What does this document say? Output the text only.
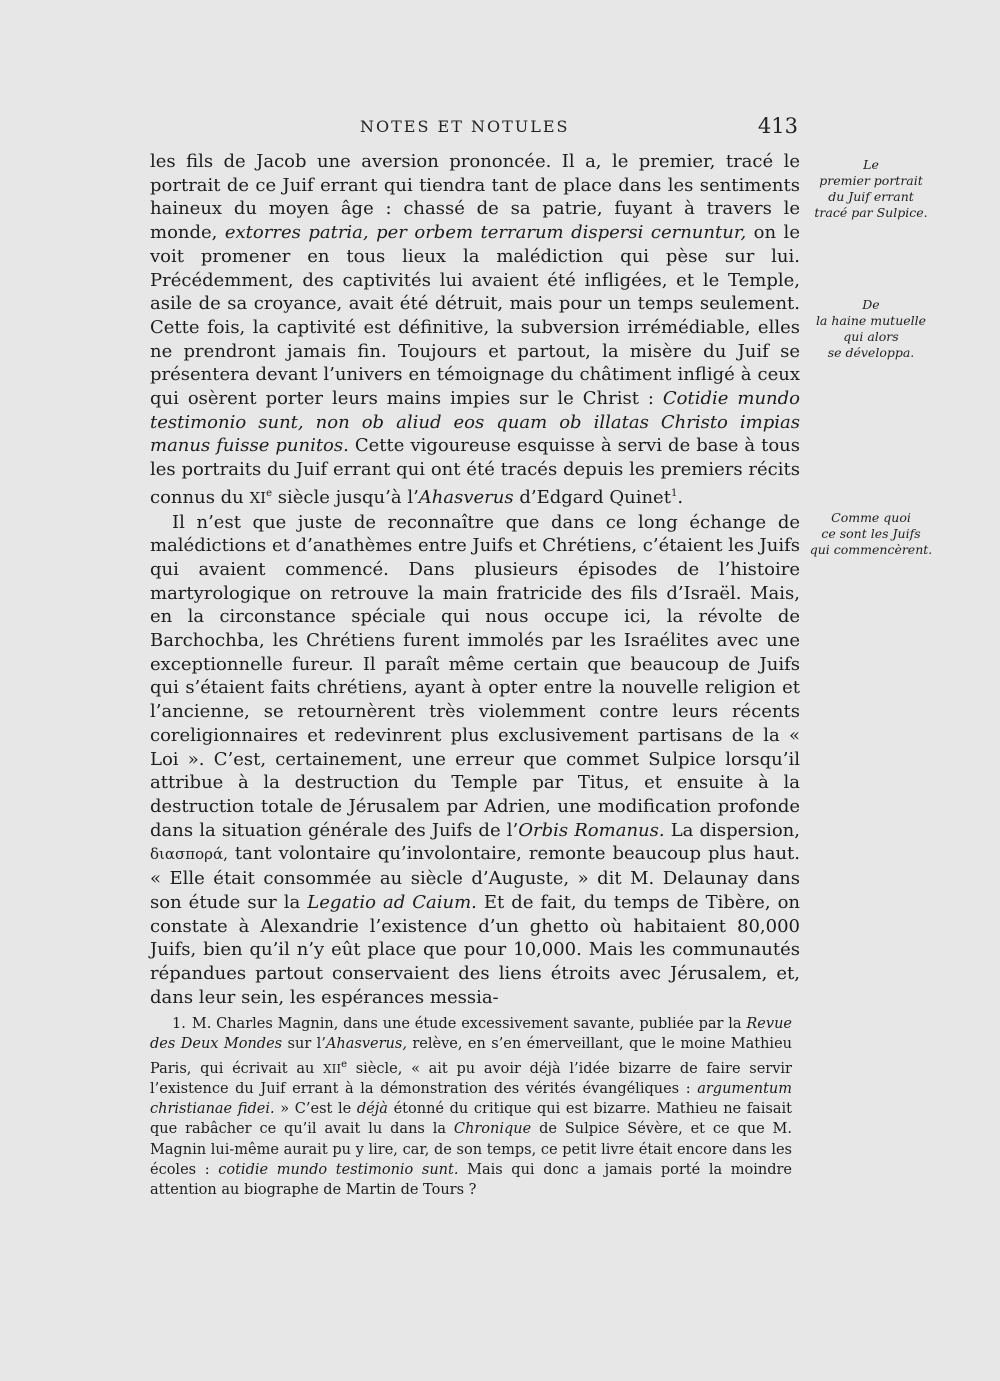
NOTES ET NOTULES	413

les fils de Jacob une aversion prononcée. Il a, le premier, tracé le portrait de ce Juif errant qui tiendra tant de place dans les sentiments haineux du moyen âge : chassé de sa patrie, fuyant à travers le monde, extorres patria, per orbem terrarum dispersi cernuntur, on le voit promener en tous lieux la malédiction qui pèse sur lui. Précédemment, des captivités lui avaient été infligées, et le Temple, asile de sa croyance, avait été détruit, mais pour un temps seulement. Cette fois, la captivité est définitive, la subversion irrémédiable, elles ne prendront jamais fin. Toujours et partout, la misère du Juif se présentera devant l’univers en témoignage du châtiment infligé à ceux qui osèrent porter leurs mains impies sur le Christ : Cotidie mundo testimonio sunt, non ob aliud eos quam ob illatas Christo impias manus fuisse punitos. Cette vigoureuse esquisse à servi de base à tous les portraits du Juif errant qui ont été tracés depuis les premiers récits connus du XIe siècle jusqu’à l’Ahasverus d’Edgard Quinet$^1$.

Il n’est que juste de reconnaître que dans ce long échange de malédictions et d’anathèmes entre Juifs et Chrétiens, c’étaient les Juifs qui avaient commencé. Dans plusieurs épisodes de l’histoire martyrologique on retrouve la main fratricide des fils d’Israël. Mais, en la circonstance spéciale qui nous occupe ici, la révolte de Barchochba, les Chrétiens furent immolés par les Israélites avec une exceptionnelle fureur. Il paraît même certain que beaucoup de Juifs qui s’étaient faits chrétiens, ayant à opter entre la nouvelle religion et l’ancienne, se retournèrent très violemment contre leurs récents coreligionnaires et redevinrent plus exclusivement partisans de la « Loi ». C’est, certainement, une erreur que commet Sulpice lorsqu’il attribue à la destruction du Temple par Titus, et ensuite à la destruction totale de Jérusalem par Adrien, une modification profonde dans la situation générale des Juifs de l’Orbis Romanus. La dispersion, διασπορά, tant volontaire qu’involontaire, remonte beaucoup plus haut. « Elle était consommée au siècle d’Auguste, » dit M. Delaunay dans son étude sur la Legatio ad Caium. Et de fait, du temps de Tibère, on constate à Alexandrie l’existence d’un ghetto où habitaient 80,000 Juifs, bien qu’il n’y eût place que pour 10,000. Mais les communautés répandues partout conservaient des liens étroits avec Jérusalem, et, dans leur sein, les espérances messia-

Le
premier portrait
du Juif errant
tracé par Sulpice.
De
la haine mutuelle
qui alors
se développa.
Comme quoi
ce sont les Juifs
qui commencèrent.

1. M. Charles Magnin, dans une étude excessivement savante, publiée par la Revue des Deux Mondes sur l’Ahasverus, relève, en s’en émerveillant, que le moine Mathieu Paris, qui écrivait au XIIe siècle, « ait pu avoir déjà l’idée bizarre de faire servir l’existence du Juif errant à la démonstration des vérités évangéliques : argumentum christianae fidei. » C’est le déjà étonné du critique qui est bizarre. Mathieu ne faisait que rabâcher ce qu’il avait lu dans la Chronique de Sulpice Sévère, et ce que M. Magnin lui-même aurait pu y lire, car, de son temps, ce petit livre était encore dans les écoles : cotidie mundo testimonio sunt. Mais qui donc a jamais porté la moindre attention au biographe de Martin de Tours ?
